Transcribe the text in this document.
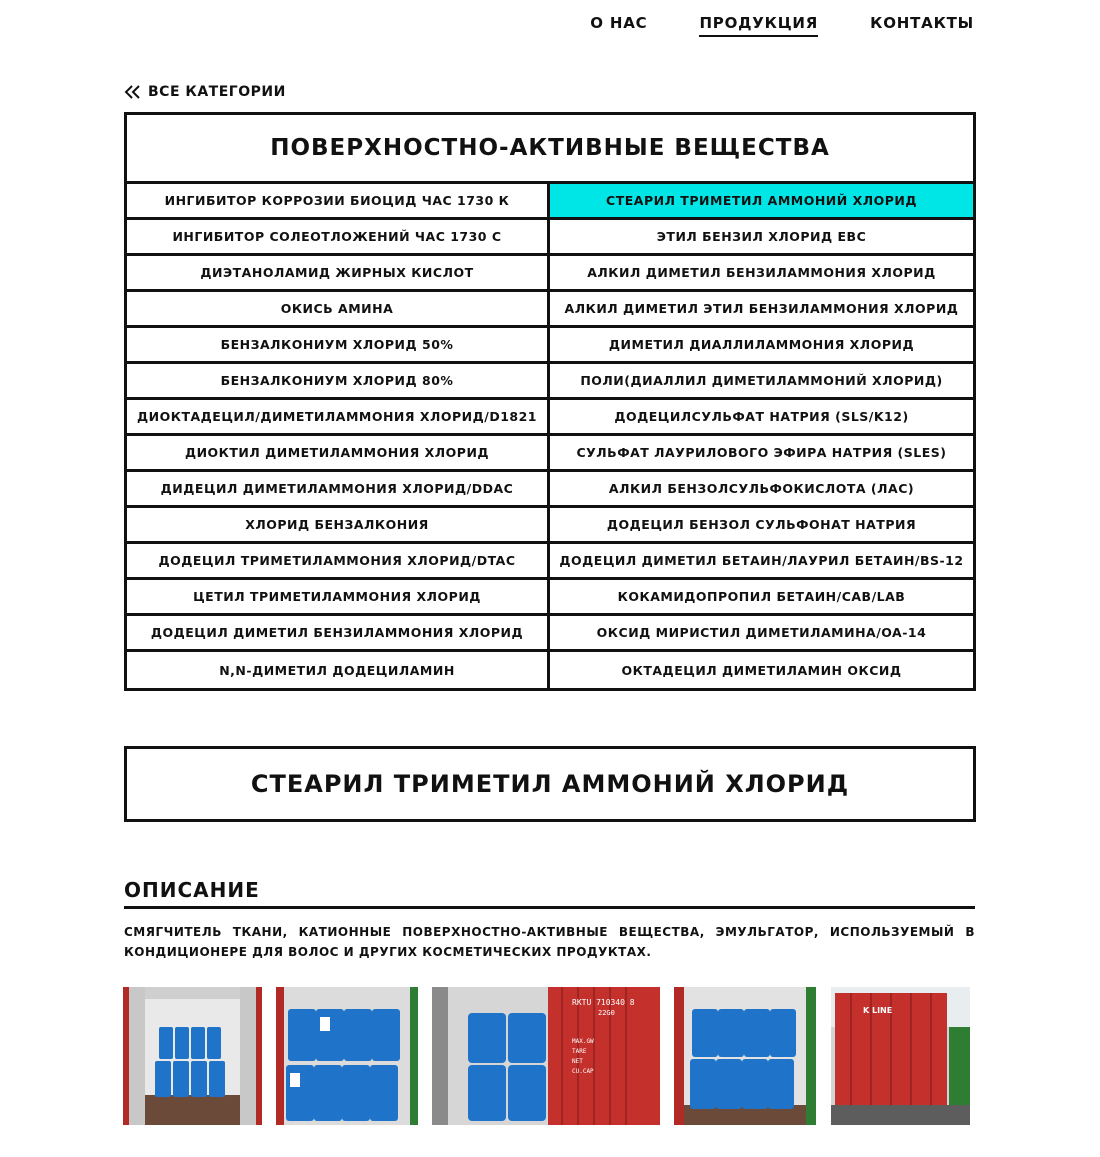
О НАС	ПРОДУКЦИЯ	КОНТАКТЫ
ВСЕ КАТЕГОРИИ
ПОВЕРХНОСТНО-АКТИВНЫЕ ВЕЩЕСТВА
ИНГИБИТОР КОРРОЗИИ БИОЦИД ЧАС 1730 К	СТЕАРИЛ ТРИМЕТИЛ АММОНИЙ ХЛОРИД
ИНГИБИТОР СОЛЕОТЛОЖЕНИЙ ЧАС 1730 С	ЭТИЛ БЕНЗИЛ ХЛОРИД EBC
ДИЭТАНОЛАМИД ЖИРНЫХ КИСЛОТ	АЛКИЛ ДИМЕТИЛ БЕНЗИЛАММОНИЯ ХЛОРИД
ОКИСЬ АМИНА	АЛКИЛ ДИМЕТИЛ ЭТИЛ БЕНЗИЛАММОНИЯ ХЛОРИД
БЕНЗАЛКОНИУМ ХЛОРИД 50%	ДИМЕТИЛ ДИАЛЛИЛАММОНИЯ ХЛОРИД
БЕНЗАЛКОНИУМ ХЛОРИД 80%	ПОЛИ(ДИАЛЛИЛ ДИМЕТИЛАММОНИЙ ХЛОРИД)
ДИОКТАДЕЦИЛ/ДИМЕТИЛАММОНИЯ ХЛОРИД/D1821	ДОДЕЦИЛСУЛЬФАТ НАТРИЯ (SLS/K12)
ДИОКТИЛ ДИМЕТИЛАММОНИЯ ХЛОРИД	СУЛЬФАТ ЛАУРИЛОВОГО ЭФИРА НАТРИЯ (SLES)
ДИДЕЦИЛ ДИМЕТИЛАММОНИЯ ХЛОРИД/DDAC	АЛКИЛ БЕНЗОЛСУЛЬФОКИСЛОТА (ЛАС)
ХЛОРИД БЕНЗАЛКОНИЯ	ДОДЕЦИЛ БЕНЗОЛ СУЛЬФОНАТ НАТРИЯ
ДОДЕЦИЛ ТРИМЕТИЛАММОНИЯ ХЛОРИД/DTAC	ДОДЕЦИЛ ДИМЕТИЛ БЕТАИН/ЛАУРИЛ БЕТАИН/BS-12
ЦЕТИЛ ТРИМЕТИЛАММОНИЯ ХЛОРИД	КОКАМИДОПРОПИЛ БЕТАИН/CAB/LAB
ДОДЕЦИЛ ДИМЕТИЛ БЕНЗИЛАММОНИЯ ХЛОРИД	ОКСИД МИРИСТИЛ ДИМЕТИЛАМИНА/OA-14
N,N-ДИМЕТИЛ ДОДЕЦИЛАМИН	ОКТАДЕЦИЛ ДИМЕТИЛАМИН ОКСИД
СТЕАРИЛ ТРИМЕТИЛ АММОНИЙ ХЛОРИД
ОПИСАНИЕ
СМЯГЧИТЕЛЬ ТКАНИ, КАТИОННЫЕ ПОВЕРХНОСТНО-АКТИВНЫЕ ВЕЩЕСТВА, ЭМУЛЬГАТОР, ИСПОЛЬЗУЕМЫЙ В КОНДИЦИОНЕРЕ ДЛЯ ВОЛОС И ДРУГИХ КОСМЕТИЧЕСКИХ ПРОДУКТАХ.
RKTU 710340 8
22G0
MAX.GW
TARE
NET
CU.CAP
K LINE
